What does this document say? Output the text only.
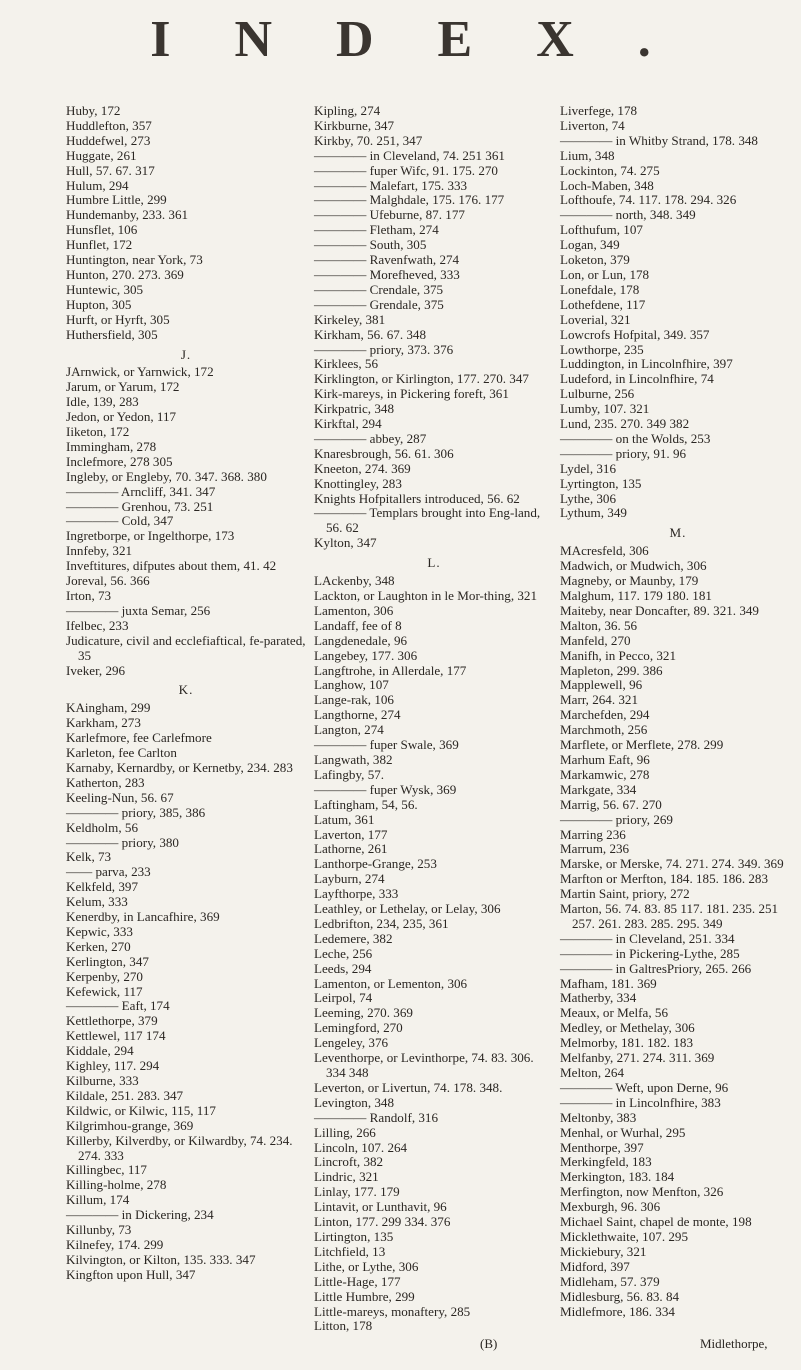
INDEX.
Huby, 172
Huddlefton, 357
Huddefwel, 273
Huggate, 261
Hull, 57. 67. 317
Hulum, 294
Humbre Little, 299
Hundemanby, 233. 361
Hunsflet, 106
Hunflet, 172
Huntington, near York, 73
Hunton, 270. 273. 369
Huntewic, 305
Hupton, 305
Hurft, or Hyrft, 305
Huthersfield, 305
J.
JArnwick, or Yarnwick, 172
Jarum, or Yarum, 172
Idle, 139, 283
Jedon, or Yedon, 117
Iiketon, 172
Immingham, 278
Inclefmore, 278 305
Ingleby, or Engleby, 70. 347. 368. 380
———— Arncliff, 341. 347
———— Grenhou, 73. 251
———— Cold, 347
Ingretborpe, or Ingelthorpe, 173
Innfeby, 321
Inveftitures, difputes about them, 41. 42
Joreval, 56. 366
Irton, 73
———— juxta Semar, 256
Ifelbec, 233
Judicature, civil and ecclefiaftical, fe-parated, 35
Iveker, 296
K.
KAingham, 299
Karkham, 273
Karlefmore, fee Carlefmore
Karleton, fee Carlton
Karnaby, Kernardby, or Kernetby, 234. 283
Katherton, 283
Keeling-Nun, 56. 67
———— priory, 385, 386
Keldholm, 56
———— priory, 380
Kelk, 73
—— parva, 233
Kelkfeld, 397
Kelum, 333
Kenerdby, in Lancafhire, 369
Kepwic, 333
Kerken, 270
Kerlington, 347
Kerpenby, 270
Kefewick, 117
———— Eaft, 174
Kettlethorpe, 379
Kettlewel, 117 174
Kiddale, 294
Kighley, 117. 294
Kilburne, 333
Kildale, 251. 283. 347
Kildwic, or Kilwic, 115, 117
Kilgrimhou-grange, 369
Killerby, Kilverdby, or Kilwardby, 74. 234. 274. 333
Killingbec, 117
Killing-holme, 278
Killum, 174
———— in Dickering, 234
Killunby, 73
Kilnefey, 174. 299
Kilvington, or Kilton, 135. 333. 347
Kingfton upon Hull, 347
Kipling, 274
Kirkburne, 347
Kirkby, 70. 251, 347
———— in Cleveland, 74. 251 361
———— fuper Wifc, 91. 175. 270
———— Malefart, 175. 333
———— Malghdale, 175. 176. 177
———— Ufeburne, 87. 177
———— Fletham, 274
———— South, 305
———— Ravenfwath, 274
———— Morefheved, 333
———— Crendale, 375
———— Grendale, 375
Kirkeley, 381
Kirkham, 56. 67. 348
———— priory, 373. 376
Kirklees, 56
Kirklington, or Kirlington, 177. 270. 347
Kirk-mareys, in Pickering foreft, 361
Kirkpatric, 348
Kirkftal, 294
———— abbey, 287
Knaresbrough, 56. 61. 306
Kneeton, 274. 369
Knottingley, 283
Knights Hofpitallers introduced, 56. 62
———— Templars brought into Eng-land, 56. 62
Kylton, 347
L.
LAckenby, 348
Lackton, or Laughton in le Mor-thing, 321
Lamenton, 306
Landaff, fee of 8
Langdenedale, 96
Langebey, 177. 306
Langftrohe, in Allerdale, 177
Langhow, 107
Lange-rak, 106
Langthorne, 274
Langton, 274
———— fuper Swale, 369
Langwath, 382
Lafingby, 57.
———— fuper Wysk, 369
Laftingham, 54, 56.
Latum, 361
Laverton, 177
Lathorne, 261
Lanthorpe-Grange, 253
Layburn, 274
Layfthorpe, 333
Leathley, or Lethelay, or Lelay, 306
Ledbrifton, 234, 235, 361
Ledemere, 382
Leche, 256
Leeds, 294
Lamenton, or Lementon, 306
Leirpol, 74
Leeming, 270. 369
Lemingford, 270
Lengeley, 376
Leventhorpe, or Levinthorpe, 74. 83. 306. 334 348
Leverton, or Livertun, 74. 178. 348.
Levington, 348
———— Randolf, 316
Lilling, 266
Lincoln, 107. 264
Lincroft, 382
Lindric, 321
Linlay, 177. 179
Lintavit, or Lunthavit, 96
Linton, 177. 299 334. 376
Lirtington, 135
Litchfield, 13
Lithe, or Lythe, 306
Little-Hage, 177
Little Humbre, 299
Little-mareys, monaftery, 285
Litton, 178
Liverfege, 178
Liverton, 74
———— in Whitby Strand, 178. 348
Lium, 348
Lockinton, 74. 275
Loch-Maben, 348
Lofthoufe, 74. 117. 178. 294. 326
———— north, 348. 349
Lofthufum, 107
Logan, 349
Loketon, 379
Lon, or Lun, 178
Lonefdale, 178
Lothefdene, 117
Loverial, 321
Lowcrofs Hofpital, 349. 357
Lowthorpe, 235
Luddington, in Lincolnfhire, 397
Ludeford, in Lincolnfhire, 74
Lulburne, 256
Lumby, 107. 321
Lund, 235. 270. 349 382
———— on the Wolds, 253
———— priory, 91. 96
Lydel, 316
Lyrtington, 135
Lythe, 306
Lythum, 349
M.
MAcresfeld, 306
Madwich, or Mudwich, 306
Magneby, or Maunby, 179
Malghum, 117. 179 180. 181
Maiteby, near Doncafter, 89. 321. 349
Malton, 36. 56
Manfeld, 270
Manifh, in Pecco, 321
Mapleton, 299. 386
Mapplewell, 96
Marr, 264. 321
Marchefden, 294
Marchmoth, 256
Marflete, or Merflete, 278. 299
Marhum Eaft, 96
Markamwic, 278
Markgate, 334
Marrig, 56. 67. 270
———— priory, 269
Marring 236
Marrum, 236
Marske, or Merske, 74. 271. 274. 349. 369
Marfton or Merfton, 184. 185. 186. 283
Martin Saint, priory, 272
Marton, 56. 74. 83. 85 117. 181. 235. 251 257. 261. 283. 285. 295. 349
———— in Cleveland, 251. 334
———— in Pickering-Lythe, 285
———— in GaltresPriory, 265. 266
Mafham, 181. 369
Matherby, 334
Meaux, or Melfa, 56
Medley, or Methelay, 306
Melmorby, 181. 182. 183
Melfanby, 271. 274. 311. 369
Melton, 264
———— Weft, upon Derne, 96
———— in Lincolnfhire, 383
Meltonby, 383
Menhal, or Wurhal, 295
Menthorpe, 397
Merkingfeld, 183
Merkington, 183. 184
Merfington, now Menfton, 326
Mexburgh, 96. 306
Michael Saint, chapel de monte, 198
Micklethwaite, 107. 295
Mickiebury, 321
Midford, 397
Midleham, 57. 379
Midlesburg, 56. 83. 84
Midlefmore, 186. 334
(B)	Midlethorpe,
